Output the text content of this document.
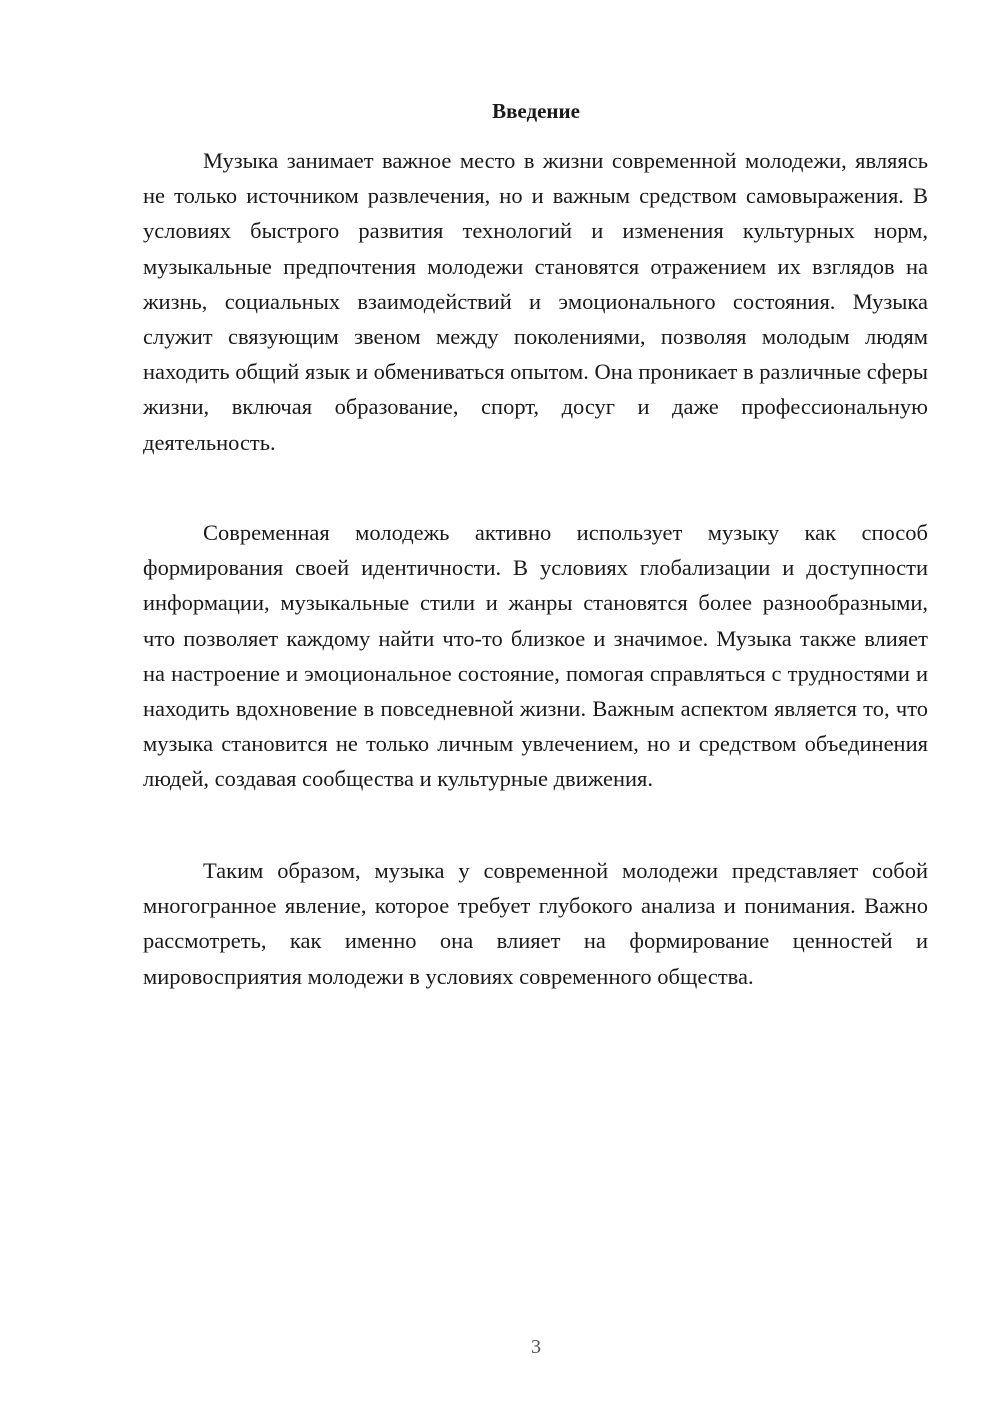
Введение

Музыка занимает важное место в жизни современной молодежи, являясь не только источником развлечения, но и важным средством самовыражения. В условиях быстрого развития технологий и изменения культурных норм, музыкальные предпочтения молодежи становятся отражением их взглядов на жизнь, социальных взаимодействий и эмоционального состояния. Музыка служит связующим звеном между поколениями, позволяя молодым людям находить общий язык и обмениваться опытом. Она проникает в различные сферы жизни, включая образование, спорт, досуг и даже профессиональную деятельность.

Современная молодежь активно использует музыку как способ формирования своей идентичности. В условиях глобализации и доступности информации, музыкальные стили и жанры становятся более разнообразными, что позволяет каждому найти что-то близкое и значимое. Музыка также влияет на настроение и эмоциональное состояние, помогая справляться с трудностями и находить вдохновение в повседневной жизни. Важным аспектом является то, что музыка становится не только личным увлечением, но и средством объединения людей, создавая сообщества и культурные движения.

Таким образом, музыка у современной молодежи представляет собой многогранное явление, которое требует глубокого анализа и понимания. Важно рассмотреть, как именно она влияет на формирование ценностей и мировосприятия молодежи в условиях современного общества.

3
